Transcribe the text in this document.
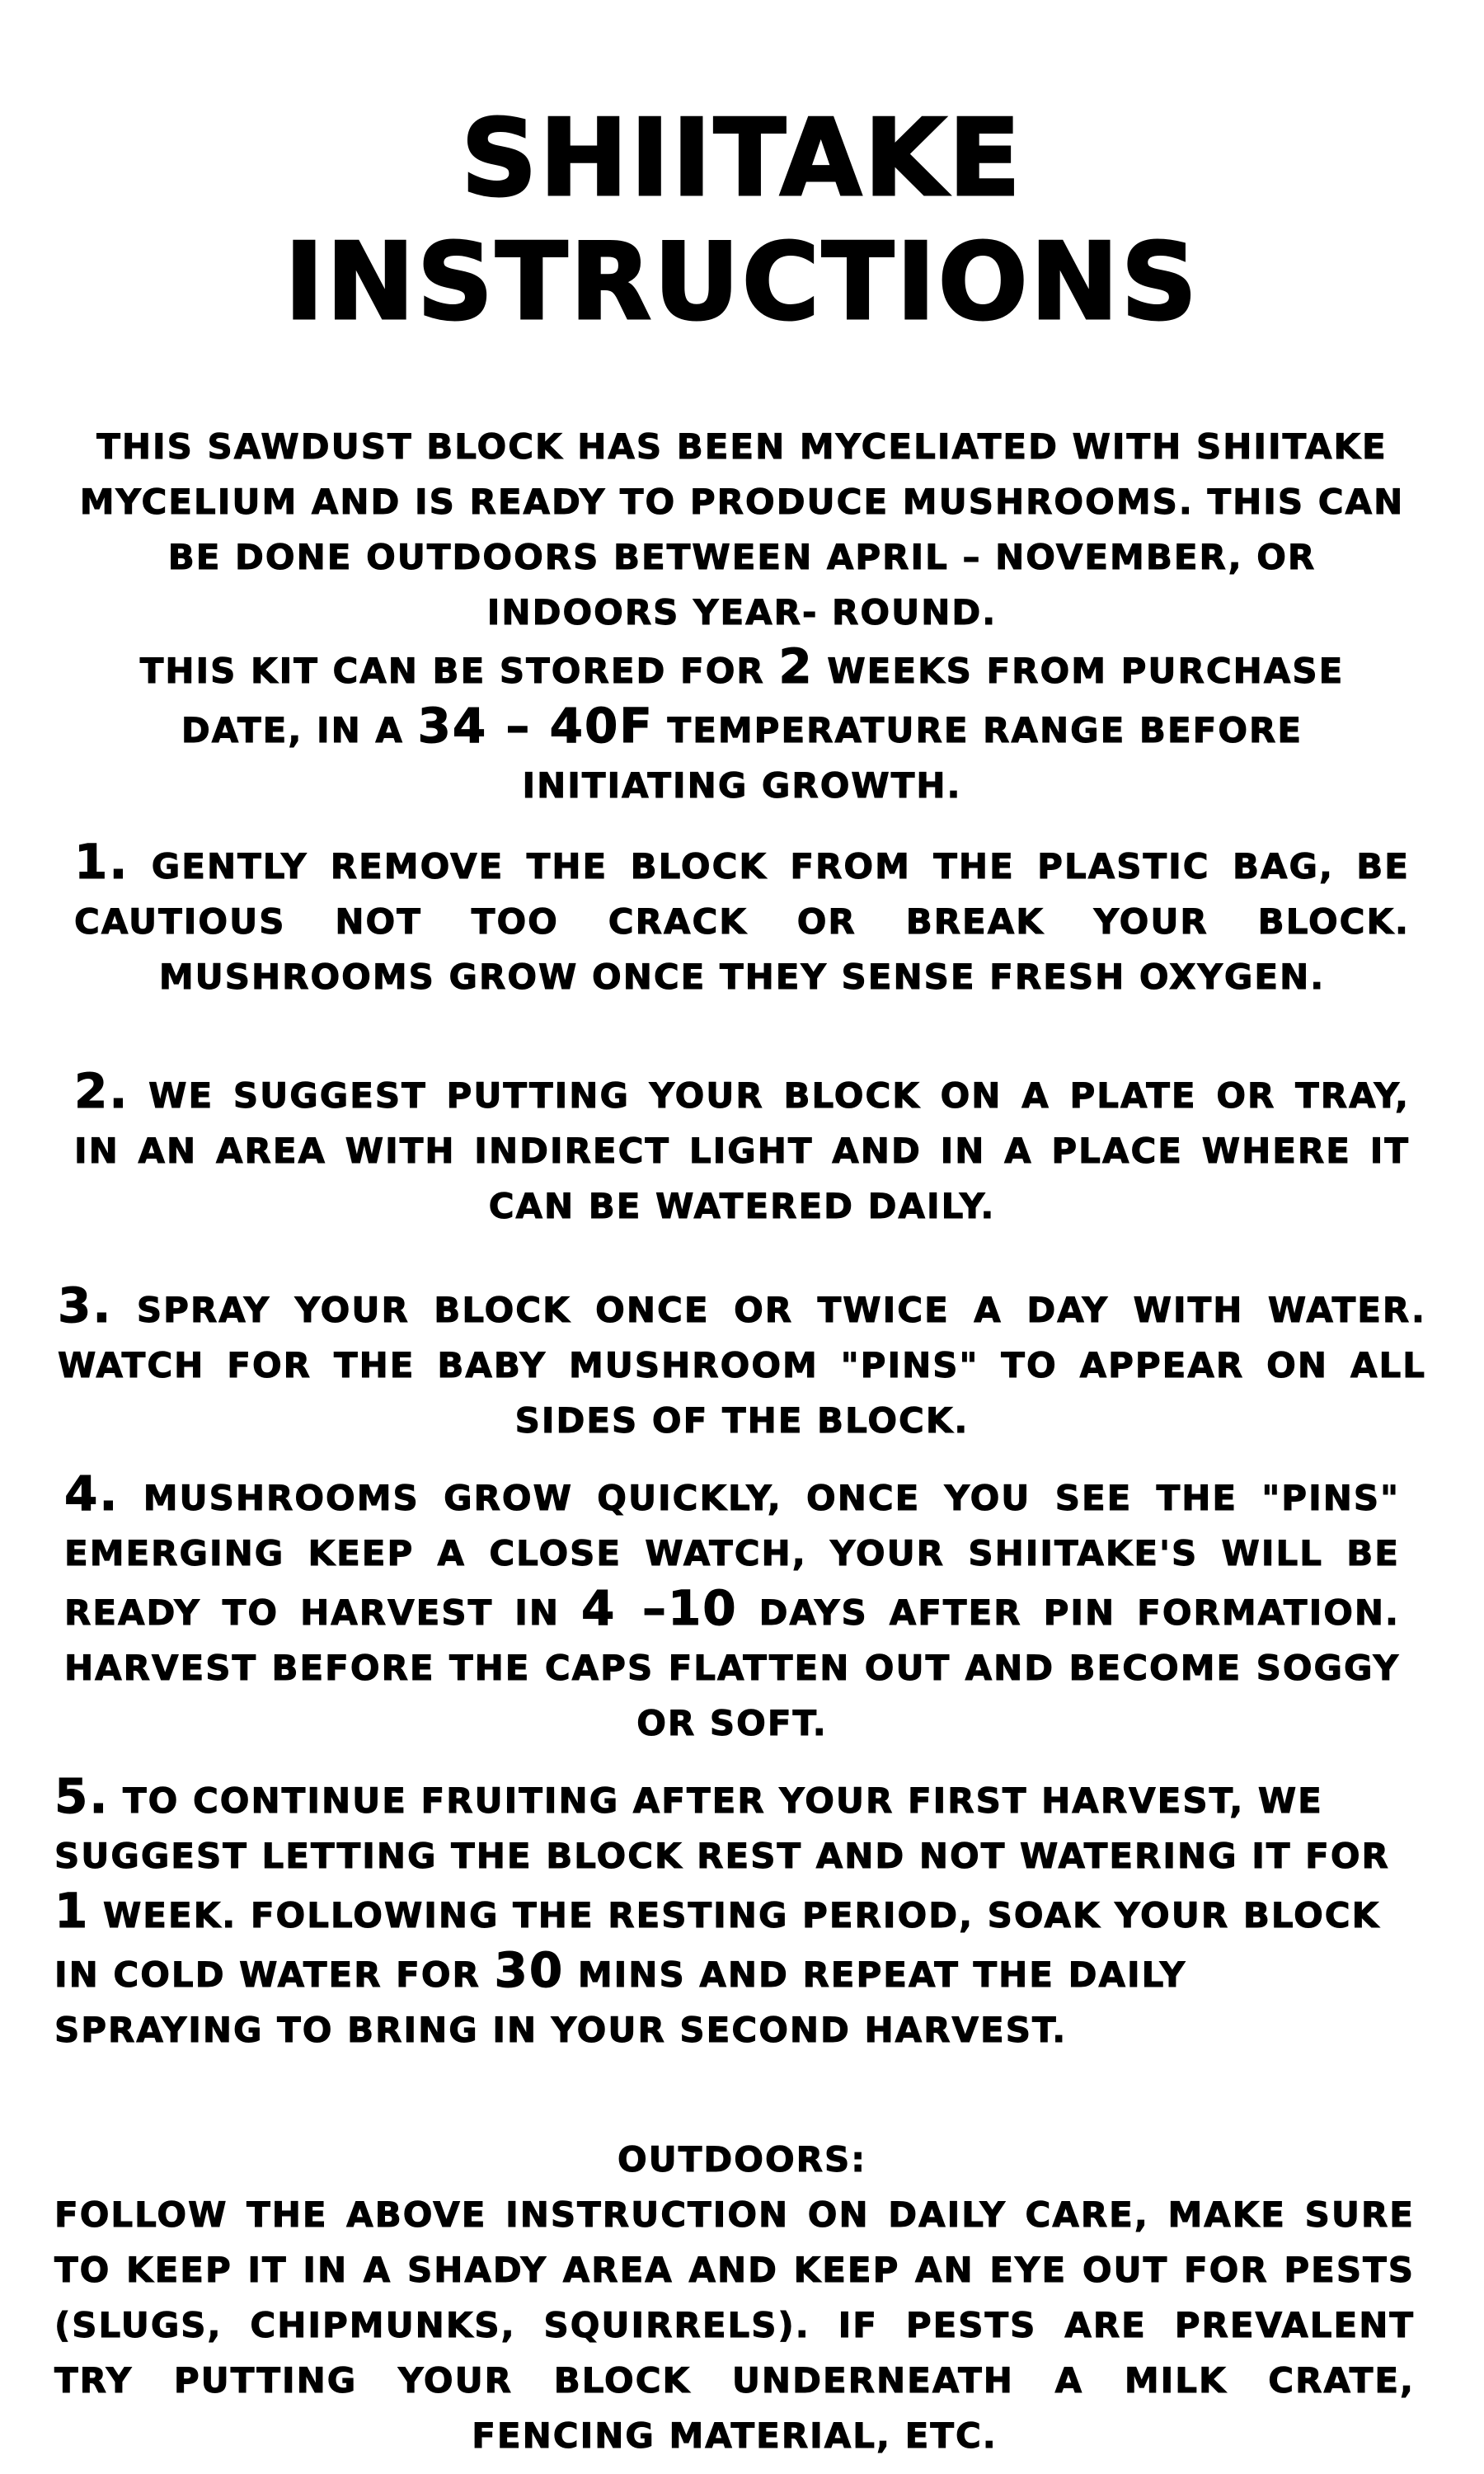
SHIITAKE
INSTRUCTIONS

THIS SAWDUST BLOCK HAS BEEN MYCELIATED WITH SHIITAKE MYCELIUM AND IS READY TO PRODUCE MUSHROOMS. THIS CAN BE DONE OUTDOORS BETWEEN APRIL – NOVEMBER, OR INDOORS YEAR- ROUND.

THIS KIT CAN BE STORED FOR 2 WEEKS FROM PURCHASE DATE, IN A 34 – 40F TEMPERATURE RANGE BEFORE INITIATING GROWTH.

1. GENTLY REMOVE THE BLOCK FROM THE PLASTIC BAG, BE CAUTIOUS NOT TOO CRACK OR BREAK YOUR BLOCK. MUSHROOMS GROW ONCE THEY SENSE FRESH OXYGEN.

2. WE SUGGEST PUTTING YOUR BLOCK ON A PLATE OR TRAY, IN AN AREA WITH INDIRECT LIGHT AND IN A PLACE WHERE IT CAN BE WATERED DAILY.

3. SPRAY YOUR BLOCK ONCE OR TWICE A DAY WITH WATER. WATCH FOR THE BABY MUSHROOM "PINS" TO APPEAR ON ALL SIDES OF THE BLOCK.

4. MUSHROOMS GROW QUICKLY, ONCE YOU SEE THE "PINS" EMERGING KEEP A CLOSE WATCH, YOUR SHIITAKE'S WILL BE READY TO HARVEST IN 4 –10 DAYS AFTER PIN FORMATION. HARVEST BEFORE THE CAPS FLATTEN OUT AND BECOME SOGGY OR SOFT.

5. TO CONTINUE FRUITING AFTER YOUR FIRST HARVEST, WE SUGGEST LETTING THE BLOCK REST AND NOT WATERING IT FOR 1 WEEK. FOLLOWING THE RESTING PERIOD, SOAK YOUR BLOCK IN COLD WATER FOR 30 MINS AND REPEAT THE DAILY SPRAYING TO BRING IN YOUR SECOND HARVEST.

OUTDOORS:

FOLLOW THE ABOVE INSTRUCTION ON DAILY CARE, MAKE SURE TO KEEP IT IN A SHADY AREA AND KEEP AN EYE OUT FOR PESTS (SLUGS, CHIPMUNKS, SQUIRRELS). IF PESTS ARE PREVALENT TRY PUTTING YOUR BLOCK UNDERNEATH A MILK CRATE, FENCING MATERIAL, ETC.
